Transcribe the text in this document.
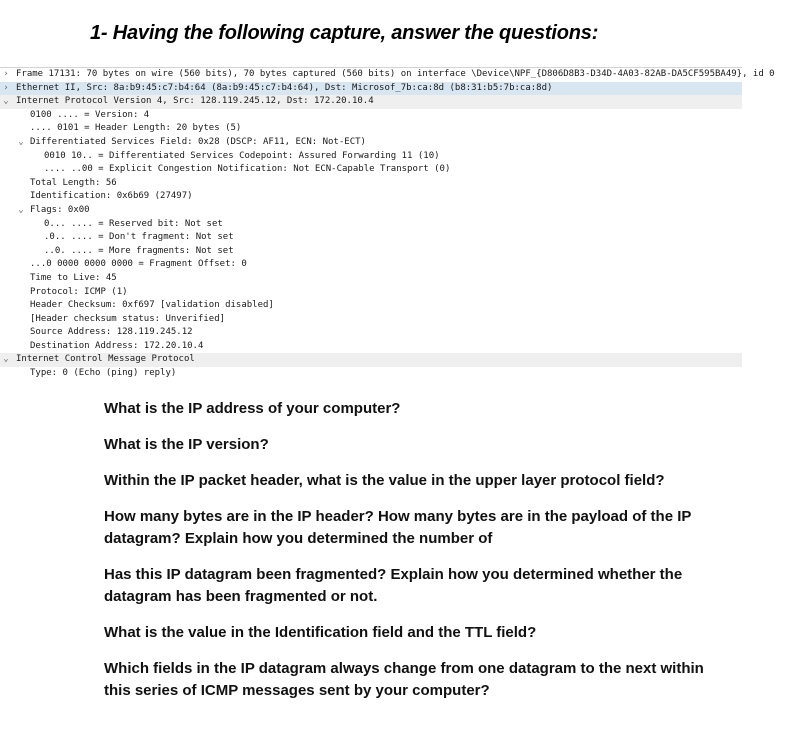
1- Having the following capture, answer the questions:
› Frame 17131: 70 bytes on wire (560 bits), 70 bytes captured (560 bits) on interface \Device\NPF_{D806D8B3-D34D-4A03-82AB-DA5CF595BA49}, id 0
› Ethernet II, Src: 8a:b9:45:c7:b4:64 (8a:b9:45:c7:b4:64), Dst: Microsof_7b:ca:8d (b8:31:b5:7b:ca:8d)
⌄ Internet Protocol Version 4, Src: 128.119.245.12, Dst: 172.20.10.4
0100 .... = Version: 4
.... 0101 = Header Length: 20 bytes (5)
⌄ Differentiated Services Field: 0x28 (DSCP: AF11, ECN: Not-ECT)
0010 10.. = Differentiated Services Codepoint: Assured Forwarding 11 (10)
.... ..00 = Explicit Congestion Notification: Not ECN-Capable Transport (0)
Total Length: 56
Identification: 0x6b69 (27497)
⌄ Flags: 0x00
0... .... = Reserved bit: Not set
.0.. .... = Don't fragment: Not set
..0. .... = More fragments: Not set
...0 0000 0000 0000 = Fragment Offset: 0
Time to Live: 45
Protocol: ICMP (1)
Header Checksum: 0xf697 [validation disabled]
[Header checksum status: Unverified]
Source Address: 128.119.245.12
Destination Address: 172.20.10.4
⌄ Internet Control Message Protocol
Type: 0 (Echo (ping) reply)

What is the IP address of your computer?

What is the IP version?

Within the IP packet header, what is the value in the upper layer protocol field?

How many bytes are in the IP header? How many bytes are in the payload of the IP datagram? Explain how you determined the number of

Has this IP datagram been fragmented? Explain how you determined whether the datagram has been fragmented or not.

What is the value in the Identification field and the TTL field?

Which fields in the IP datagram always change from one datagram to the next within this series of ICMP messages sent by your computer?
